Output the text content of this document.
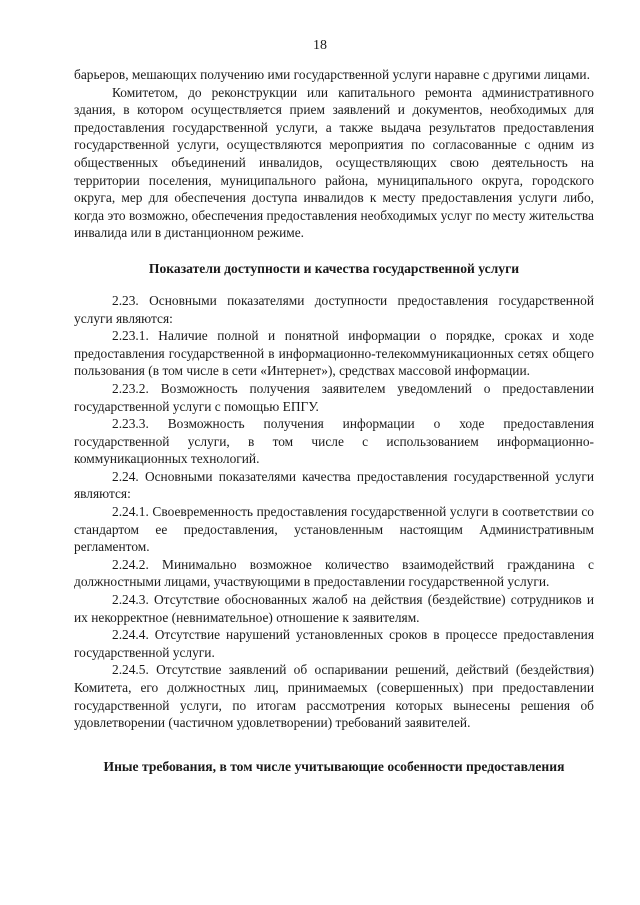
18

барьеров, мешающих получению ими государственной услуги наравне с другими лицами.

Комитетом, до реконструкции или капитального ремонта административного здания, в котором осуществляется прием заявлений и документов, необходимых для предоставления государственной услуги, а также выдача результатов предоставления государственной услуги, осуществляются мероприятия по согласованные с одним из общественных объединений инвалидов, осуществляющих свою деятельность на территории поселения, муниципального района, муниципального округа, городского округа, мер для обеспечения доступа инвалидов к месту предоставления услуги либо, когда это возможно, обеспечения предоставления необходимых услуг по месту жительства инвалида или в дистанционном режиме.

Показатели доступности и качества государственной услуги

2.23. Основными показателями доступности предоставления государственной услуги являются:

2.23.1. Наличие полной и понятной информации о порядке, сроках и ходе предоставления государственной в информационно-телекоммуникационных сетях общего пользования (в том числе в сети «Интернет»), средствах массовой информации.

2.23.2. Возможность получения заявителем уведомлений о предоставлении государственной услуги с помощью ЕПГУ.

2.23.3. Возможность получения информации о ходе предоставления государственной услуги, в том числе с использованием информационно-коммуникационных технологий.

2.24. Основными показателями качества предоставления государственной услуги являются:

2.24.1. Своевременность предоставления государственной услуги в соответствии со стандартом ее предоставления, установленным настоящим Административным регламентом.

2.24.2. Минимально возможное количество взаимодействий гражданина с должностными лицами, участвующими в предоставлении государственной услуги.

2.24.3. Отсутствие обоснованных жалоб на действия (бездействие) сотрудников и их некорректное (невнимательное) отношение к заявителям.

2.24.4. Отсутствие нарушений установленных сроков в процессе предоставления государственной услуги.

2.24.5. Отсутствие заявлений об оспаривании решений, действий (бездействия) Комитета, его должностных лиц, принимаемых (совершенных) при предоставлении государственной услуги, по итогам рассмотрения которых вынесены решения об удовлетворении (частичном удовлетворении) требований заявителей.

Иные требования, в том числе учитывающие особенности предоставления
